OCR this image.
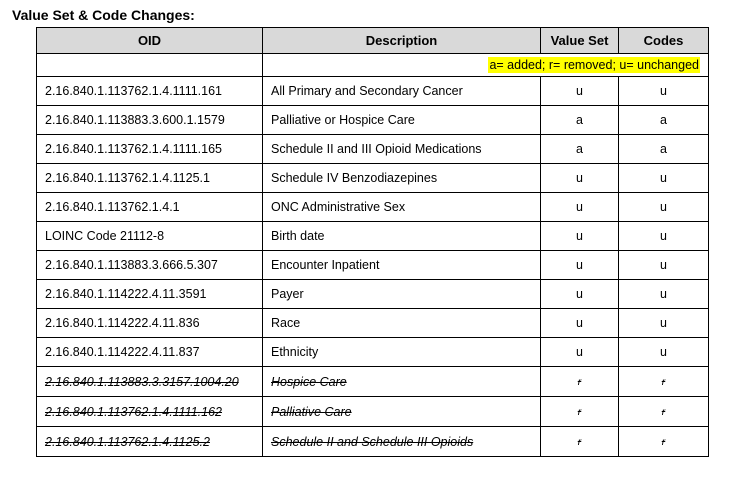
Value Set & Code Changes:
OID	Description	Value Set	Codes
	a= added; r= removed; u= unchanged		
2.16.840.1.113762.1.4.1111.161	All Primary and Secondary Cancer	u	u
2.16.840.1.113883.3.600.1.1579	Palliative or Hospice Care	a	a
2.16.840.1.113762.1.4.1111.165	Schedule II and III Opioid Medications	a	a
2.16.840.1.113762.1.4.1125.1	Schedule IV Benzodiazepines	u	u
2.16.840.1.113762.1.4.1	ONC Administrative Sex	u	u
LOINC Code 21112-8	Birth date	u	u
2.16.840.1.113883.3.666.5.307	Encounter Inpatient	u	u
2.16.840.1.114222.4.11.3591	Payer	u	u
2.16.840.1.114222.4.11.836	Race	u	u
2.16.840.1.114222.4.11.837	Ethnicity	u	u
2.16.840.1.113883.3.3157.1004.20	Hospice Care	r	r
2.16.840.1.113762.1.4.1111.162	Palliative Care	r	r
2.16.840.1.113762.1.4.1125.2	Schedule II and Schedule III Opioids	r	r
